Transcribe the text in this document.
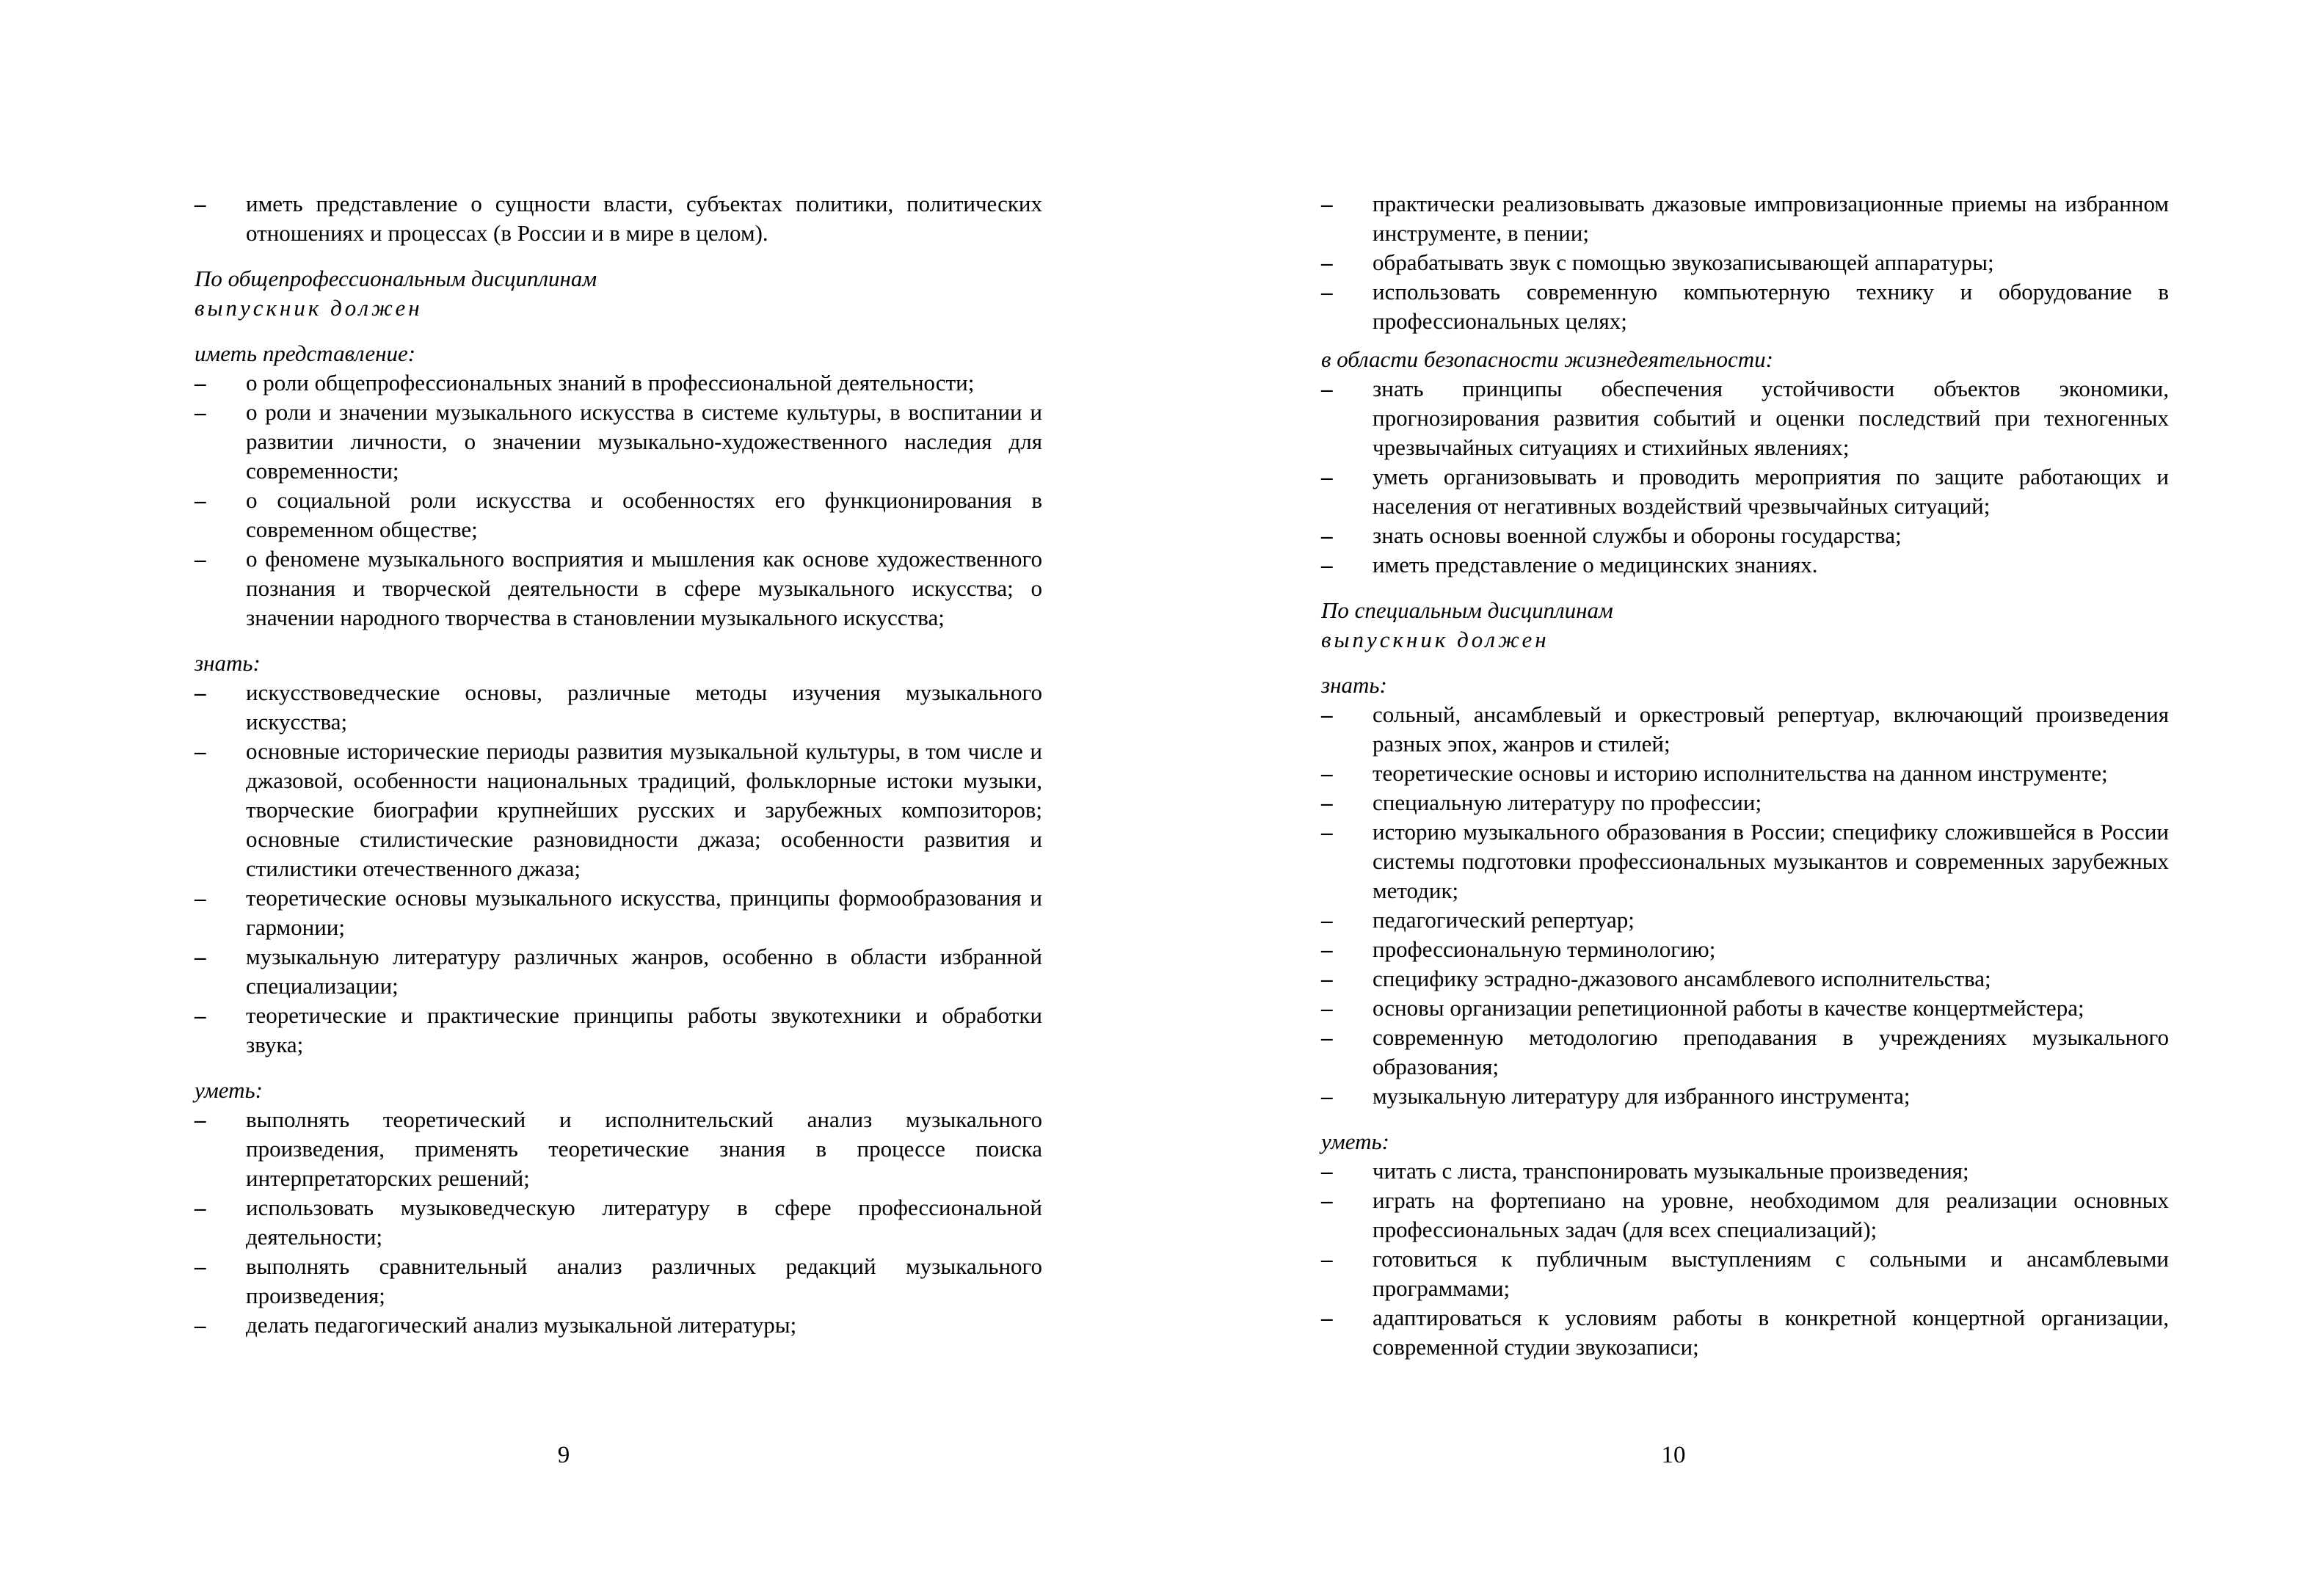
– иметь представление о сущности власти, субъектах политики, политических отношениях и процессах (в России и в мире в целом).
По общепрофессиональным дисциплинам
выпускник должен
иметь представление:
– о роли общепрофессиональных знаний в профессиональной деятельности;
– о роли и значении музыкального искусства в системе культуры, в воспитании и развитии личности, о значении музыкально-художественного наследия для современности;
– о социальной роли искусства и особенностях его функционирования в современном обществе;
– о феномене музыкального восприятия и мышления как основе художественного познания и творческой деятельности в сфере музыкального искусства; о значении народного творчества в становлении музыкального искусства;
знать:
– искусствоведческие основы, различные методы изучения музыкального искусства;
– основные исторические периоды развития музыкальной культуры, в том числе и джазовой, особенности национальных традиций, фольклорные истоки музыки, творческие биографии крупнейших русских и зарубежных композиторов; основные стилистические разновидности джаза; особенности развития и стилистики отечественного джаза;
– теоретические основы музыкального искусства, принципы формообразования и гармонии;
– музыкальную литературу различных жанров, особенно в области избранной специализации;
– теоретические и практические принципы работы звукотехники и обработки звука;
уметь:
– выполнять теоретический и исполнительский анализ музыкального произведения, применять теоретические знания в процессе поиска интерпретаторских решений;
– использовать музыковедческую литературу в сфере профессиональной деятельности;
– выполнять сравнительный анализ различных редакций музыкального произведения;
– делать педагогический анализ музыкальной литературы;
9
– практически реализовывать джазовые импровизационные приемы на избранном инструменте, в пении;
– обрабатывать звук с помощью звукозаписывающей аппаратуры;
– использовать современную компьютерную технику и оборудование в профессиональных целях;
в области безопасности жизнедеятельности:
– знать принципы обеспечения устойчивости объектов экономики, прогнозирования развития событий и оценки последствий при техногенных чрезвычайных ситуациях и стихийных явлениях;
– уметь организовывать и проводить мероприятия по защите работающих и населения от негативных воздействий чрезвычайных ситуаций;
– знать основы военной службы и обороны государства;
– иметь представление о медицинских знаниях.
По специальным дисциплинам
выпускник должен
знать:
– сольный, ансамблевый и оркестровый репертуар, включающий произведения разных эпох, жанров и стилей;
– теоретические основы и историю исполнительства на данном инструменте;
– специальную литературу по профессии;
– историю музыкального образования в России; специфику сложившейся в России системы подготовки профессиональных музыкантов и современных зарубежных методик;
– педагогический репертуар;
– профессиональную терминологию;
– специфику эстрадно-джазового ансамблевого исполнительства;
– основы организации репетиционной работы в качестве концертмейстера;
– современную методологию преподавания в учреждениях музыкального образования;
– музыкальную литературу для избранного инструмента;
уметь:
– читать с листа, транспонировать музыкальные произведения;
– играть на фортепиано на уровне, необходимом для реализации основных профессиональных задач (для всех специализаций);
– готовиться к публичным выступлениям с сольными и ансамблевыми программами;
– адаптироваться к условиям работы в конкретной концертной организации, современной студии звукозаписи;
10
